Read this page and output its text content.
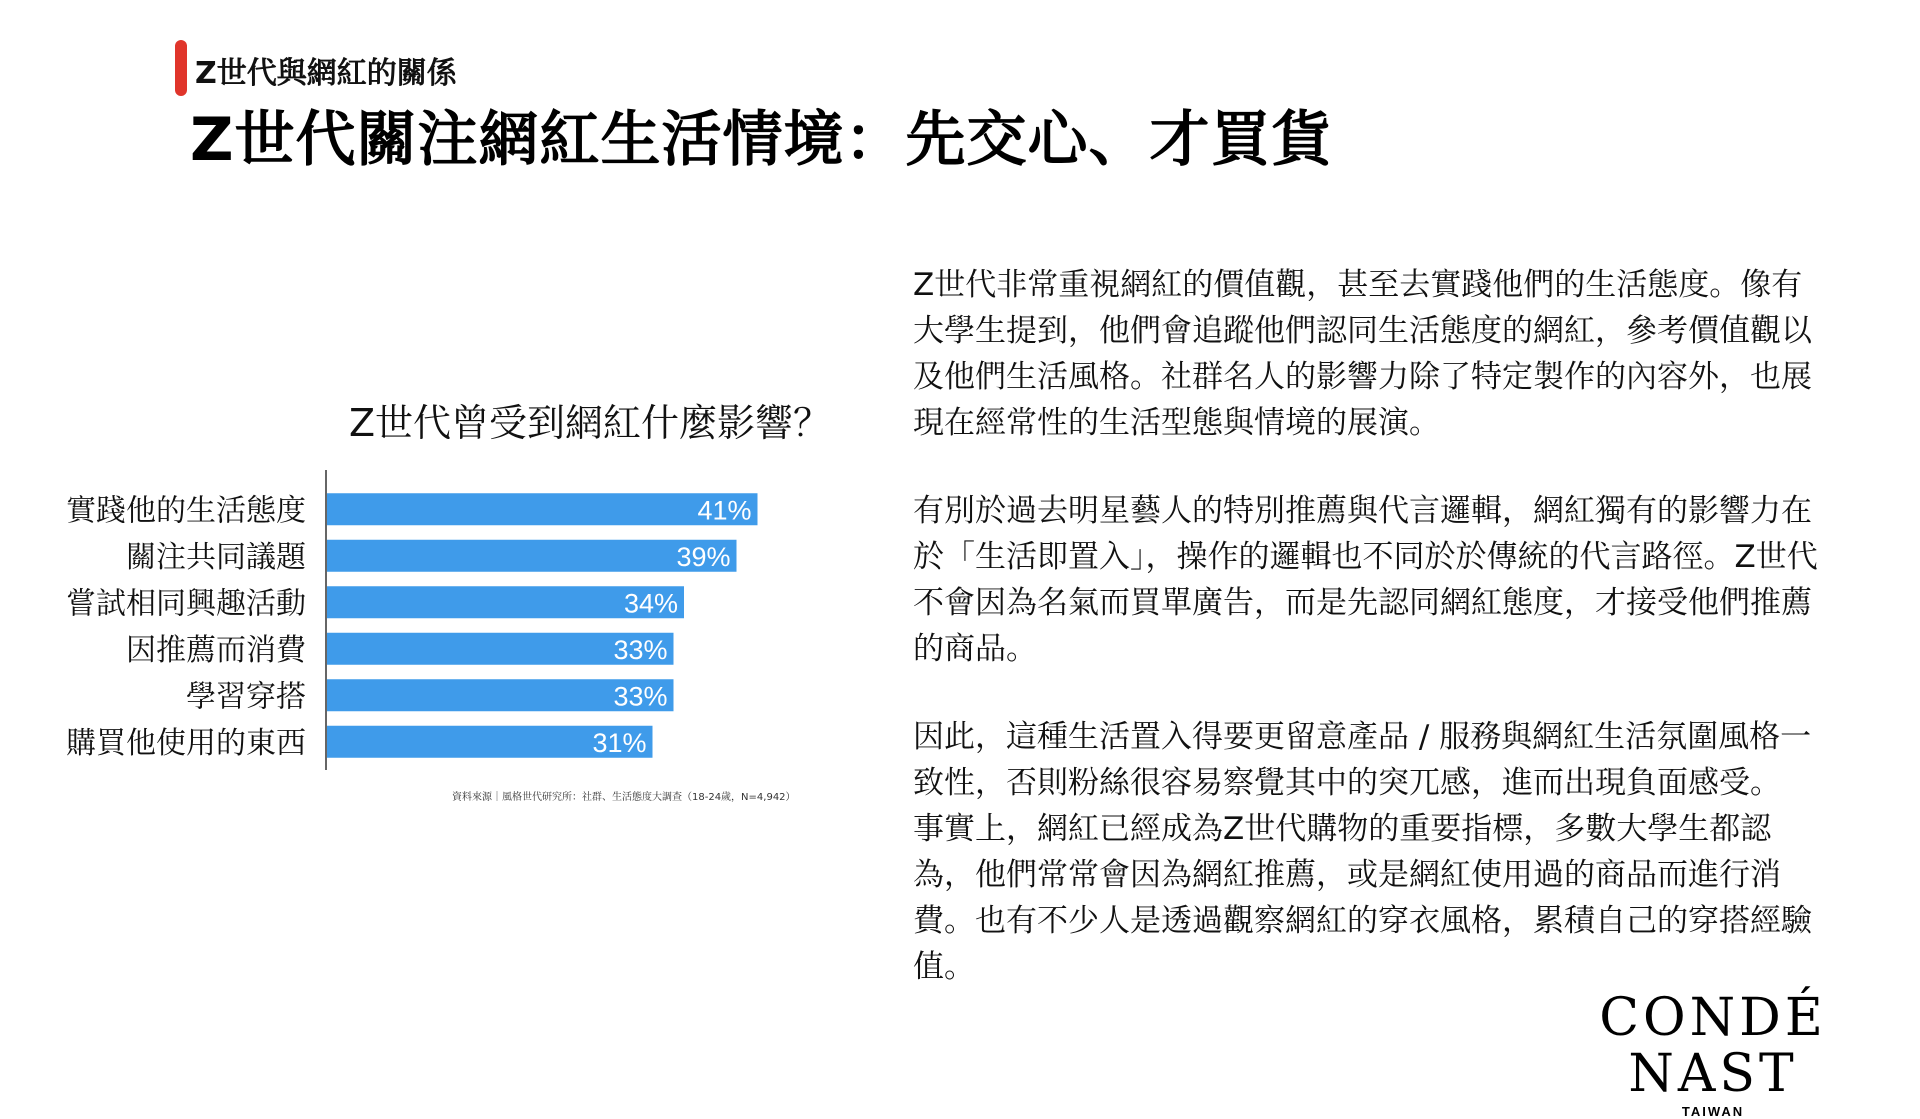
Z世代與網紅的關係
Z世代關注網紅生活情境：先交心、才買貨
Z世代曾受到網紅什麼影響？
實踐他的生活態度	41%
關注共同議題	39%
嘗試相同興趣活動	34%
因推薦而消費	33%
學習穿搭	33%
購買他使用的東西	31%
資料來源｜風格世代研究所：社群、生活態度大調查（18-24歲，N=4,942）

Z世代非常重視網紅的價值觀，甚至去實踐他們的生活態度。像有大學生提到，他們會追蹤他們認同生活態度的網紅，參考價值觀以及他們生活風格。社群名人的影響力除了特定製作的內容外，也展現在經常性的生活型態與情境的展演。

有別於過去明星藝人的特別推薦與代言邏輯，網紅獨有的影響力在於「生活即置入」，操作的邏輯也不同於於傳統的代言路徑。Z世代不會因為名氣而買單廣告，而是先認同網紅態度，才接受他們推薦的商品。

因此，這種生活置入得要更留意產品 / 服務與網紅生活氛圍風格一致性，否則粉絲很容易察覺其中的突兀感，進而出現負面感受。

事實上，網紅已經成為Z世代購物的重要指標，多數大學生都認為，他們常常會因為網紅推薦，或是網紅使用過的商品而進行消費。也有不少人是透過觀察網紅的穿衣風格，累積自己的穿搭經驗值。

CONDÉ NAST
TAIWAN
